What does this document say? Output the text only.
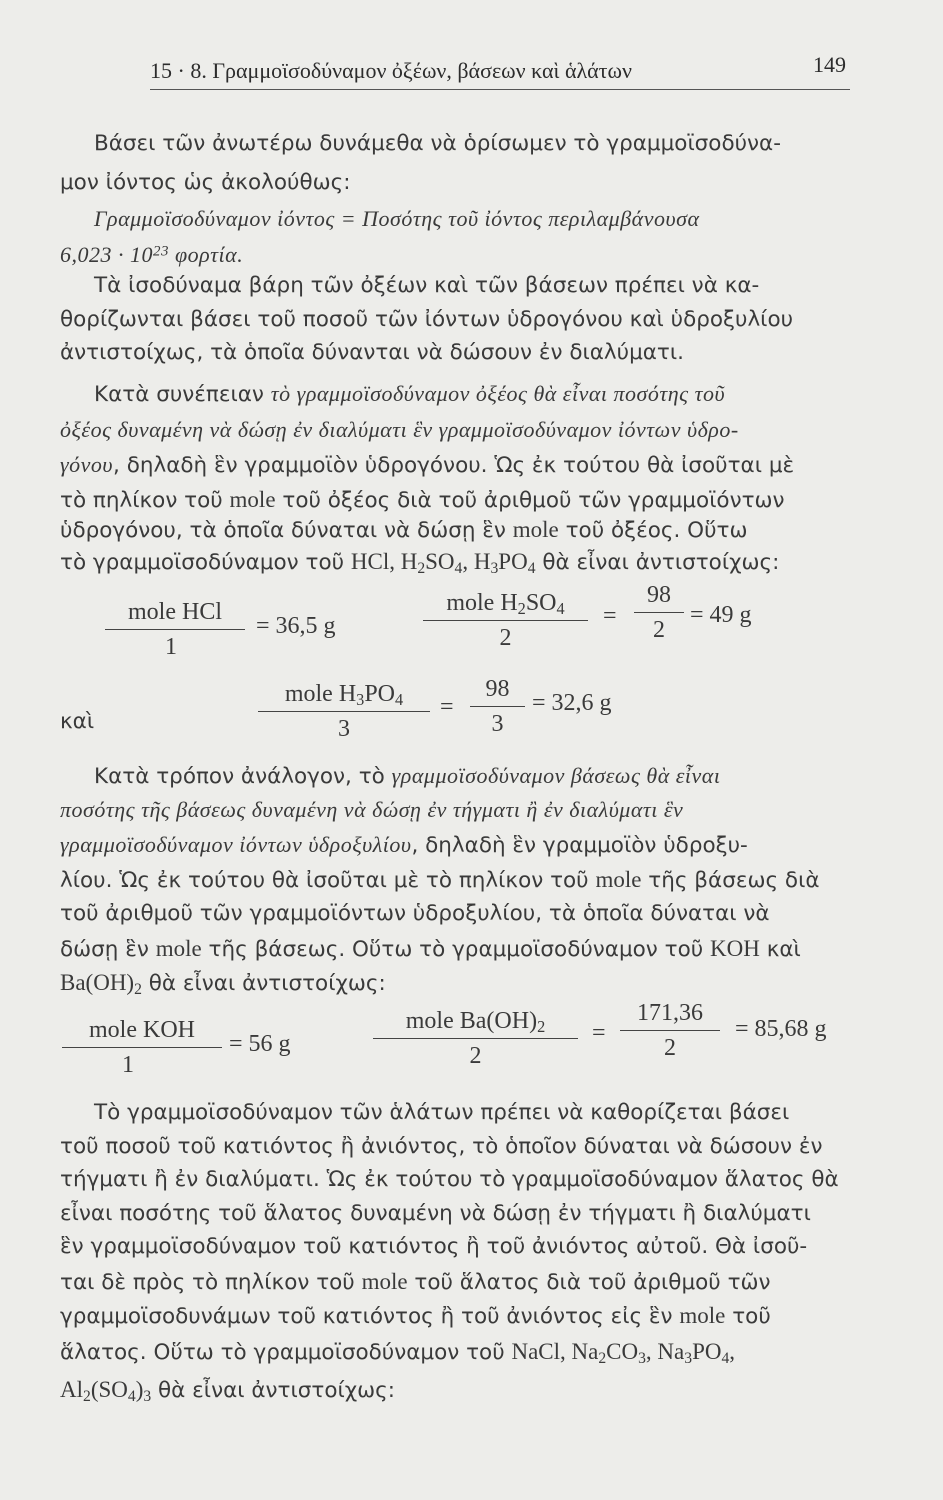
15 · 8. Γραμμοϊσοδύναμον ὀξέων, βάσεων καὶ ἁλάτων	149
Βάσει τῶν ἀνωτέρω δυνάμεθα νὰ ὁρίσωμεν τὸ γραμμοϊσοδύνα-
μον ἰόντος ὡς ἀκολούθως:
Γραμμοϊσοδύναμον ἰόντος = Ποσότης τοῦ ἰόντος περιλαμβάνουσα
$6,023 \cdot 10^{23}$ φορτία.
Τὰ ἰσοδύναμα βάρη τῶν ὀξέων καὶ τῶν βάσεων πρέπει νὰ κα-
θορίζωνται βάσει τοῦ ποσοῦ τῶν ἰόντων ὑδρογόνου καὶ ὑδροξυλίου
ἀντιστοίχως, τὰ ὁποῖα δύνανται νὰ δώσουν ἐν διαλύματι.
Κατὰ συνέπειαν τὸ γραμμοϊσοδύναμον ὀξέος θὰ εἶναι ποσότης τοῦ
ὀξέος δυναμένη νὰ δώσῃ ἐν διαλύματι ἓν γραμμοϊσοδύναμον ἰόντων ὑδρο-
γόνου, δηλαδὴ ἓν γραμμοϊὸν ὑδρογόνου. Ὡς ἐκ τούτου θὰ ἰσοῦται μὲ
τὸ πηλίκον τοῦ mole τοῦ ὀξέος διὰ τοῦ ἀριθμοῦ τῶν γραμμοϊόντων
ὑδρογόνου, τὰ ὁποῖα δύναται νὰ δώσῃ ἓν mole τοῦ ὀξέος. Οὕτω
τὸ γραμμοϊσοδύναμον τοῦ HCl, $H_2SO_4$, $H_3PO_4$ θὰ εἶναι ἀντιστοίχως:
mole HCl
1
= 36,5 g
mole $H_2SO_4$
2
=
98
2
= 49 g
καὶ
mole $H_3PO_4$
3
=
98
3
= 32,6 g
Κατὰ τρόπον ἀνάλογον, τὸ γραμμοϊσοδύναμον βάσεως θὰ εἶναι
ποσότης τῆς βάσεως δυναμένη νὰ δώσῃ ἐν τήγματι ἢ ἐν διαλύματι ἓν
γραμμοϊσοδύναμον ἰόντων ὑδροξυλίου, δηλαδὴ ἓν γραμμοϊὸν ὑδροξυ-
λίου. Ὡς ἐκ τούτου θὰ ἰσοῦται μὲ τὸ πηλίκον τοῦ mole τῆς βάσεως διὰ
τοῦ ἀριθμοῦ τῶν γραμμοϊόντων ὑδροξυλίου, τὰ ὁποῖα δύναται νὰ
δώσῃ ἓν mole τῆς βάσεως. Οὕτω τὸ γραμμοϊσοδύναμον τοῦ KOH καὶ
$Ba(OH)_2$ θὰ εἶναι ἀντιστοίχως:
mole KOH
1
= 56 g
mole $Ba(OH)_2$
2
=
171,36
2
= 85,68 g
Τὸ γραμμοϊσοδύναμον τῶν ἁλάτων πρέπει νὰ καθορίζεται βάσει
τοῦ ποσοῦ τοῦ κατιόντος ἢ ἀνιόντος, τὸ ὁποῖον δύναται νὰ δώσουν ἐν
τήγματι ἢ ἐν διαλύματι. Ὡς ἐκ τούτου τὸ γραμμοϊσοδύναμον ἅλατος θὰ
εἶναι ποσότης τοῦ ἅλατος δυναμένη νὰ δώσῃ ἐν τήγματι ἢ διαλύματι
ἓν γραμμοϊσοδύναμον τοῦ κατιόντος ἢ τοῦ ἀνιόντος αὐτοῦ. Θὰ ἰσοῦ-
ται δὲ πρὸς τὸ πηλίκον τοῦ mole τοῦ ἅλατος διὰ τοῦ ἀριθμοῦ τῶν
γραμμοϊσοδυνάμων τοῦ κατιόντος ἢ τοῦ ἀνιόντος εἰς ἓν mole τοῦ
ἅλατος. Οὕτω τὸ γραμμοϊσοδύναμον τοῦ NaCl, $Na_2CO_3$, $Na_3PO_4$,
$Al_2(SO_4)_3$ θὰ εἶναι ἀντιστοίχως:
